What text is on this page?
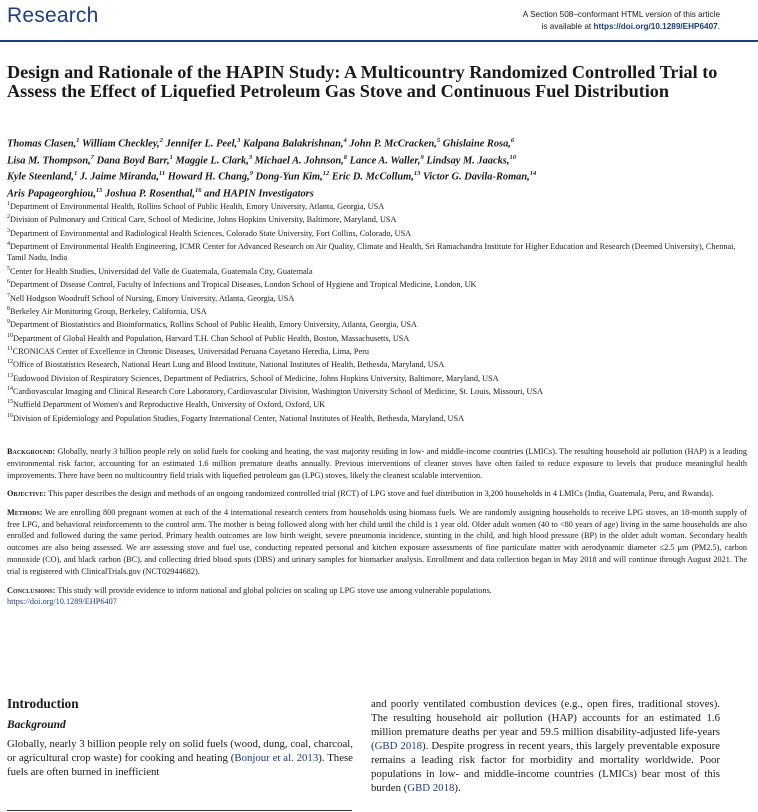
Research	A Section 508–conformant HTML version of this article
is available at https://doi.org/10.1289/EHP6407.
Design and Rationale of the HAPIN Study: A Multicountry Randomized Controlled Trial to Assess the Effect of Liquefied Petroleum Gas Stove and Continuous Fuel Distribution
Thomas Clasen,$^1$ William Checkley,$^2$ Jennifer L. Peel,$^3$ Kalpana Balakrishnan,$^4$ John P. McCracken,$^5$ Ghislaine Rosa,$^6$
Lisa M. Thompson,$^7$ Dana Boyd Barr,$^1$ Maggie L. Clark,$^3$ Michael A. Johnson,$^8$ Lance A. Waller,$^9$ Lindsay M. Jaacks,$^{10}$
Kyle Steenland,$^1$ J. Jaime Miranda,$^{11}$ Howard H. Chang,$^9$ Dong-Yun Kim,$^{12}$ Eric D. McCollum,$^{13}$ Victor G. Davila-Roman,$^{14}$
Aris Papageorghiou,$^{15}$ Joshua P. Rosenthal,$^{16}$ and HAPIN Investigators
$^1$Department of Environmental Health, Rollins School of Public Health, Emory University, Atlanta, Georgia, USA
$^2$Division of Pulmonary and Critical Care, School of Medicine, Johns Hopkins University, Baltimore, Maryland, USA
$^3$Department of Environmental and Radiological Health Sciences, Colorado State University, Fort Collins, Colorado, USA
$^4$Department of Environmental Health Engineering, ICMR Center for Advanced Research on Air Quality, Climate and Health, Sri Ramachandra Institute for Higher Education and Research (Deemed University), Chennai, Tamil Nadu, India
$^5$Center for Health Studies, Universidad del Valle de Guatemala, Guatemala City, Guatemala
$^6$Department of Disease Control, Faculty of Infections and Tropical Diseases, London School of Hygiene and Tropical Medicine, London, UK
$^7$Nell Hodgson Woodruff School of Nursing, Emory University, Atlanta, Georgia, USA
$^8$Berkeley Air Monitoring Group, Berkeley, California, USA
$^9$Department of Biostatistics and Bioinformatics, Rollins School of Public Health, Emory University, Atlanta, Georgia, USA
$^{10}$Department of Global Health and Population, Harvard T.H. Chan School of Public Health, Boston, Massachusetts, USA
$^{11}$CRONICAS Center of Excellence in Chronic Diseases, Universidad Peruana Cayetano Heredia, Lima, Peru
$^{12}$Office of Biostatistics Research, National Heart Lung and Blood Institute, National Institutes of Health, Bethesda, Maryland, USA
$^{13}$Eudowood Division of Respiratory Sciences, Department of Pediatrics, School of Medicine, Johns Hopkins University, Baltimore, Maryland, USA
$^{14}$Cardiovascular Imaging and Clinical Research Core Laboratory, Cardiovascular Division, Washington University School of Medicine, St. Louis, Missouri, USA
$^{15}$Nuffield Department of Women's and Reproductive Health, University of Oxford, Oxford, UK
$^{16}$Division of Epidemiology and Population Studies, Fogarty International Center, National Institutes of Health, Bethesda, Maryland, USA

Background: Globally, nearly 3 billion people rely on solid fuels for cooking and heating, the vast majority residing in low- and middle-income countries (LMICs). The resulting household air pollution (HAP) is a leading environmental risk factor, accounting for an estimated 1.6 million premature deaths annually. Previous interventions of cleaner stoves have often failed to reduce exposure to levels that produce meaningful health improvements. There have been no multicountry field trials with liquefied petroleum gas (LPG) stoves, likely the cleanest scalable intervention.

Objective: This paper describes the design and methods of an ongoing randomized controlled trial (RCT) of LPG stove and fuel distribution in 3,200 households in 4 LMICs (India, Guatemala, Peru, and Rwanda).

Methods: We are enrolling 800 pregnant women at each of the 4 international research centers from households using biomass fuels. We are randomly assigning households to receive LPG stoves, an 18-month supply of free LPG, and behavioral reinforcements to the control arm. The mother is being followed along with her child until the child is 1 year old. Older adult women (40 to <80 years of age) living in the same households are also enrolled and followed during the same period. Primary health outcomes are low birth weight, severe pneumonia incidence, stunting in the child, and high blood pressure (BP) in the older adult woman. Secondary health outcomes are also being assessed. We are assessing stove and fuel use, conducting repeated personal and kitchen exposure assessments of fine particulate matter with aerodynamic diameter ≤2.5 μm (PM2.5), carbon monoxide (CO), and black carbon (BC), and collecting dried blood spots (DBS) and urinary samples for biomarker analysis. Enrollment and data collection began in May 2018 and will continue through August 2021. The trial is registered with ClinicalTrials.gov (NCT02944682).

Conclusions: This study will provide evidence to inform national and global policies on scaling up LPG stove use among vulnerable populations.
https://doi.org/10.1289/EHP6407

Introduction
Background

Globally, nearly 3 billion people rely on solid fuels (wood, dung, coal, charcoal, or agricultural crop waste) for cooking and heating (Bonjour et al. 2013). These fuels are often burned in inefficient

and poorly ventilated combustion devices (e.g., open fires, traditional stoves). The resulting household air pollution (HAP) accounts for an estimated 1.6 million premature deaths per year and 59.5 million disability-adjusted life-years (GBD 2018). Despite progress in recent years, this largely preventable exposure remains a leading risk factor for morbidity and mortality worldwide. Poor populations in low- and middle-income countries (LMICs) bear most of this burden (GBD 2018).
